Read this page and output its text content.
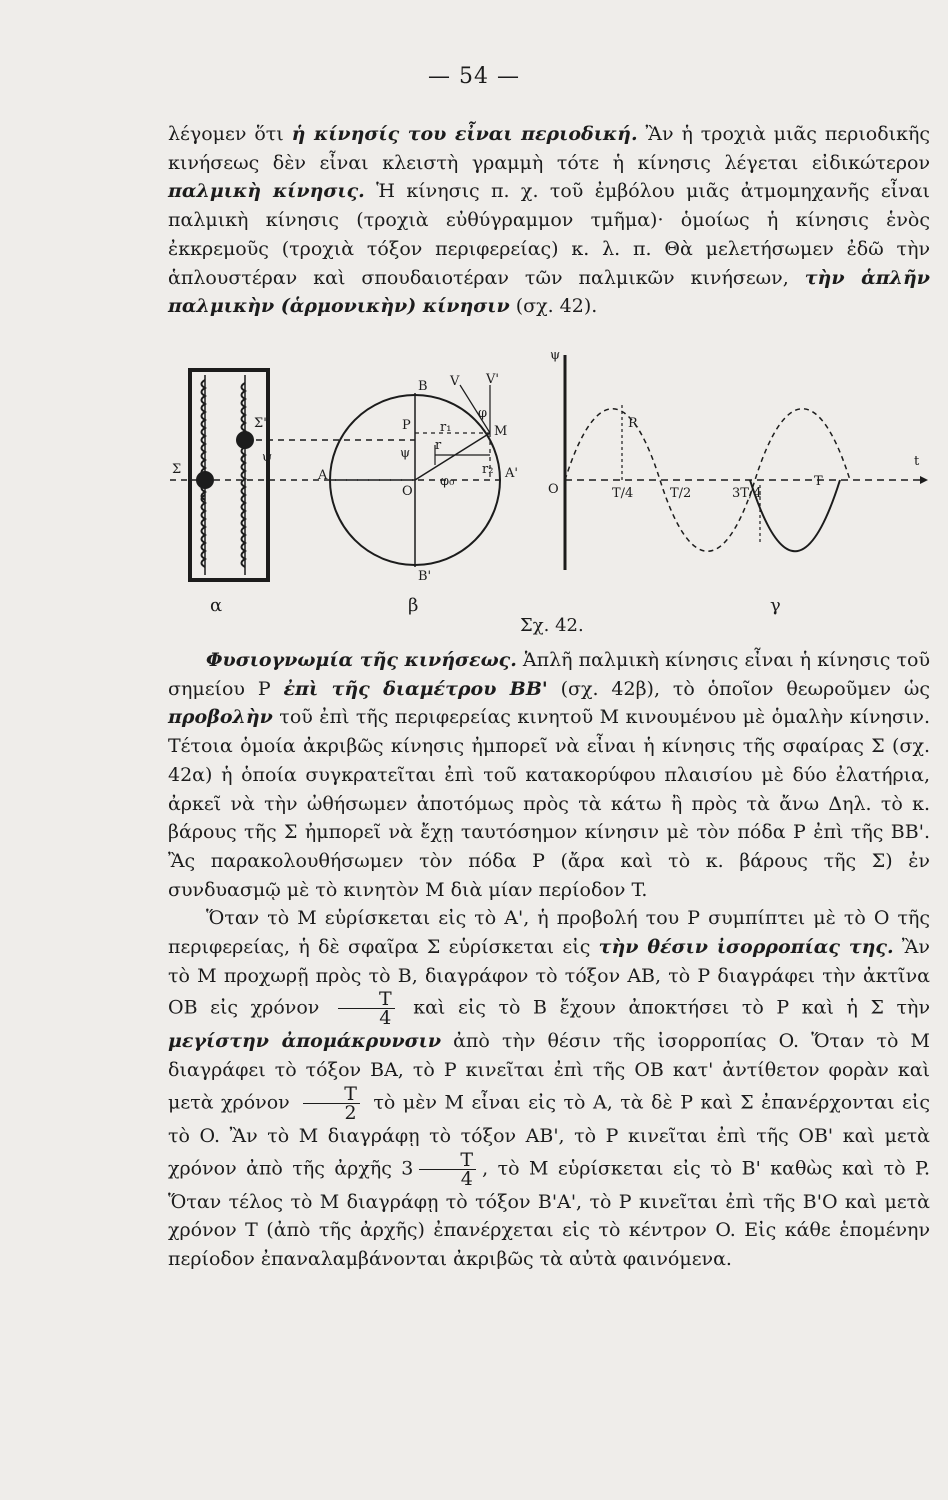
— 54 —

λέγομεν ὅτι ἡ κίνησίς του εἶναι περιοδική. Ἂν ἡ τροχιὰ μιᾶς περιοδικῆς κινήσεως δὲν εἶναι κλειστὴ γραμμὴ τότε ἡ κίνησις λέγεται εἰδικώτερον παλμικὴ κίνησις. Ἡ κίνησις π. χ. τοῦ ἐμβόλου μιᾶς ἀτμομηχανῆς εἶναι παλμικὴ κίνησις (τροχιὰ εὐθύγραμμον τμῆμα)· ὁμοίως ἡ κίνησις ἑνὸς ἐκκρεμοῦς (τροχιὰ τόξον περιφερείας) κ. λ. π. Θὰ μελετήσωμεν ἐδῶ τὴν ἁπλουστέραν καὶ σπουδαιοτέραν τῶν παλμικῶν κινήσεων, τὴν ἁπλῆν παλμικὴν (ἁρμονικὴν) κίνησιν (σχ. 42).

Σ
Σ'
ψ
B
B'
V V'
P	M
A	A'
O
ψ
r₁
r
r₂
φ₀
φ
ψ
O
R
t
T/4	T/2	3T/4
T
α	β	γ
Σχ. 42.

Φυσιογνωμία τῆς κινήσεως. Ἁπλῆ παλμικὴ κίνησις εἶναι ἡ κίνησις τοῦ σημείου P ἐπὶ τῆς διαμέτρου BB' (σχ. 42β), τὸ ὁποῖον θεωροῦμεν ὡς προβολὴν τοῦ ἐπὶ τῆς περιφερείας κινητοῦ M κινουμένου μὲ ὁμαλὴν κίνησιν. Τέτοια ὁμοία ἀκριβῶς κίνησις ἠμπορεῖ νὰ εἶναι ἡ κίνησις τῆς σφαίρας Σ (σχ. 42α) ἡ ὁποία συγκρατεῖται ἐπὶ τοῦ κατακορύφου πλαισίου μὲ δύο ἐλατήρια, ἀρκεῖ νὰ τὴν ὠθήσωμεν ἀποτόμως πρὸς τὰ κάτω ἢ πρὸς τὰ ἄνω Δηλ. τὸ κ. βάρους τῆς Σ ἠμπορεῖ νὰ ἔχῃ ταυτόσημον κίνησιν μὲ τὸν πόδα P ἐπὶ τῆς BB'. Ἂς παρακολουθήσωμεν τὸν πόδα P (ἄρα καὶ τὸ κ. βάρους τῆς Σ) ἐν συνδυασμῷ μὲ τὸ κινητὸν M διὰ μίαν περίοδον T.

Ὅταν τὸ M εὑρίσκεται εἰς τὸ A', ἡ προβολή του P συμπίπτει μὲ τὸ O τῆς περιφερείας, ἡ δὲ σφαῖρα Σ εὑρίσκεται εἰς τὴν θέσιν ἰσορροπίας της. Ἂν τὸ M προχωρῇ πρὸς τὸ B, διαγράφον τὸ τόξον AB, τὸ P διαγράφει τὴν ἀκτῖνα OB εἰς χρόνον $\frac{T}{4}$ καὶ εἰς τὸ B ἔχουν ἀποκτήσει τὸ P καὶ ἡ Σ τὴν μεγίστην ἀπομάκρυνσιν ἀπὸ τὴν θέσιν τῆς ἰσορροπίας O. Ὅταν τὸ M διαγράφει τὸ τόξον BA, τὸ P κινεῖται ἐπὶ τῆς OB κατ' ἀντίθετον φορὰν καὶ μετὰ χρόνον $\frac{T}{2}$ τὸ μὲν M εἶναι εἰς τὸ A, τὰ δὲ P καὶ Σ ἐπανέρχονται εἰς τὸ O. Ἂν τὸ M διαγράφῃ τὸ τόξον AB', τὸ P κινεῖται ἐπὶ τῆς OB' καὶ μετὰ χρόνον ἀπὸ τῆς ἀρχῆς $3 \frac{T}{4}$ , τὸ M εὑρίσκεται εἰς τὸ B' καθὼς καὶ τὸ P. Ὅταν τέλος τὸ M διαγράφῃ τὸ τόξον B'A', τὸ P κινεῖται ἐπὶ τῆς B'O καὶ μετὰ χρόνον T (ἀπὸ τῆς ἀρχῆς) ἐπανέρχεται εἰς τὸ κέντρον O. Εἰς κάθε ἑπομένην περίοδον ἐπαναλαμβάνονται ἀκριβῶς τὰ αὐτὰ φαινόμενα.
